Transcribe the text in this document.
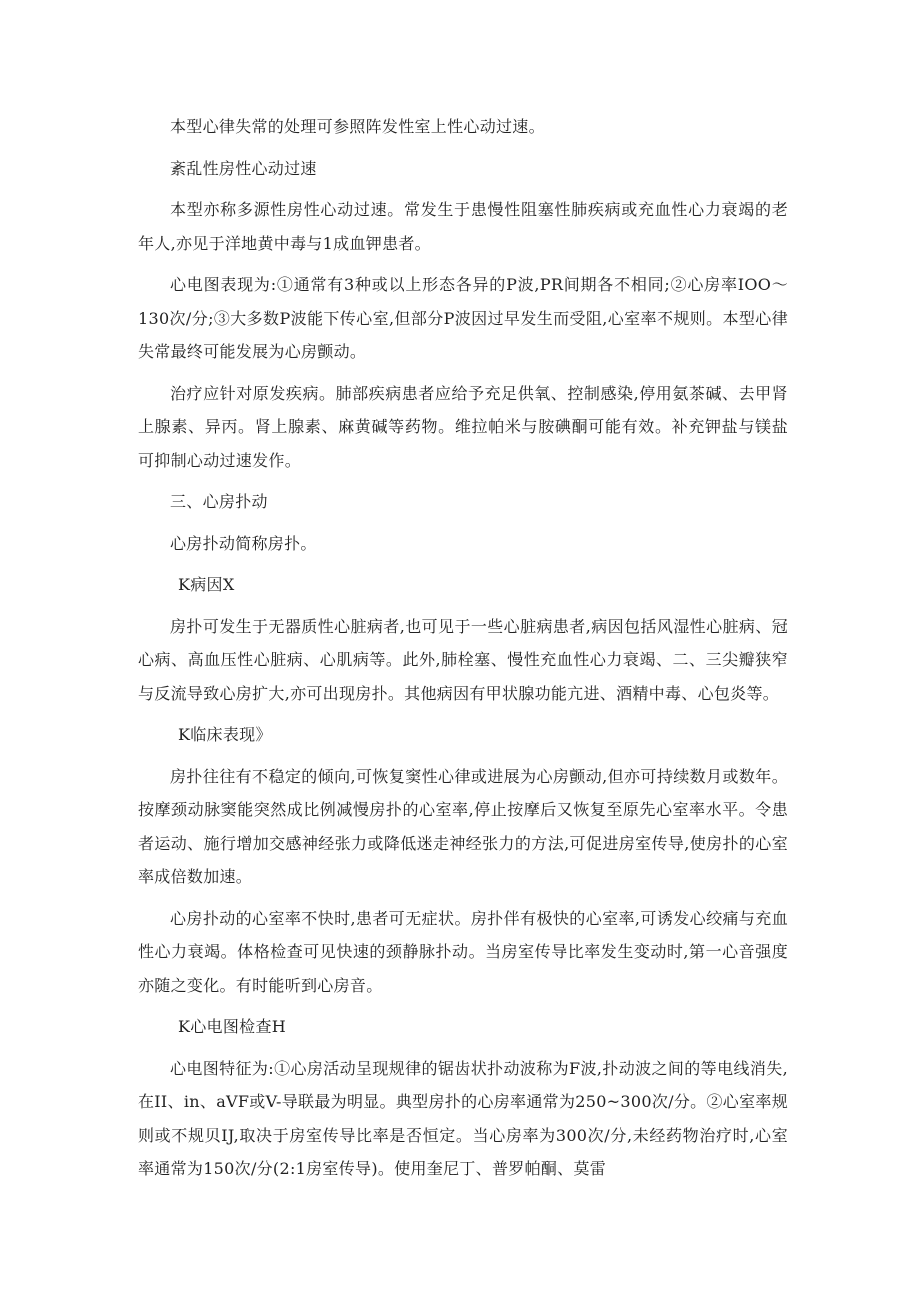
本型心律失常的处理可参照阵发性室上性心动过速。

紊乱性房性心动过速

本型亦称多源性房性心动过速。常发生于患慢性阻塞性肺疾病或充血性心力衰竭的老年人,亦见于洋地黄中毒与1成血钾患者。

心电图表现为:①通常有3种或以上形态各异的P波,PR间期各不相同;②心房率IOO～130次/分;③大多数P波能下传心室,但部分P波因过早发生而受阻,心室率不规则。本型心律失常最终可能发展为心房颤动。

治疗应针对原发疾病。肺部疾病患者应给予充足供氧、控制感染,停用氨茶碱、去甲肾上腺素、异丙。肾上腺素、麻黄碱等药物。维拉帕米与胺碘酮可能有效。补充钾盐与镁盐可抑制心动过速发作。

三、心房扑动

心房扑动简称房扑。

K病因X

房扑可发生于无器质性心脏病者,也可见于一些心脏病患者,病因包括风湿性心脏病、冠心病、高血压性心脏病、心肌病等。此外,肺栓塞、慢性充血性心力衰竭、二、三尖瓣狭窄与反流导致心房扩大,亦可出现房扑。其他病因有甲状腺功能亢进、酒精中毒、心包炎等。

K临床表现》

房扑往往有不稳定的倾向,可恢复窦性心律或进展为心房颤动,但亦可持续数月或数年。按摩颈动脉窦能突然成比例减慢房扑的心室率,停止按摩后又恢复至原先心室率水平。令患者运动、施行增加交感神经张力或降低迷走神经张力的方法,可促进房室传导,使房扑的心室率成倍数加速。

心房扑动的心室率不快时,患者可无症状。房扑伴有极快的心室率,可诱发心绞痛与充血性心力衰竭。体格检查可见快速的颈静脉扑动。当房室传导比率发生变动时,第一心音强度亦随之变化。有时能听到心房音。

K心电图检查H

心电图特征为:①心房活动呈现规律的锯齿状扑动波称为F波,扑动波之间的等电线消失,在II、in、aVF或V-导联最为明显。典型房扑的心房率通常为250~300次/分。②心室率规则或不规贝IJ,取决于房室传导比率是否恒定。当心房率为300次/分,未经药物治疗时,心室率通常为150次/分(2:1房室传导)。使用奎尼丁、普罗帕酮、莫雷
